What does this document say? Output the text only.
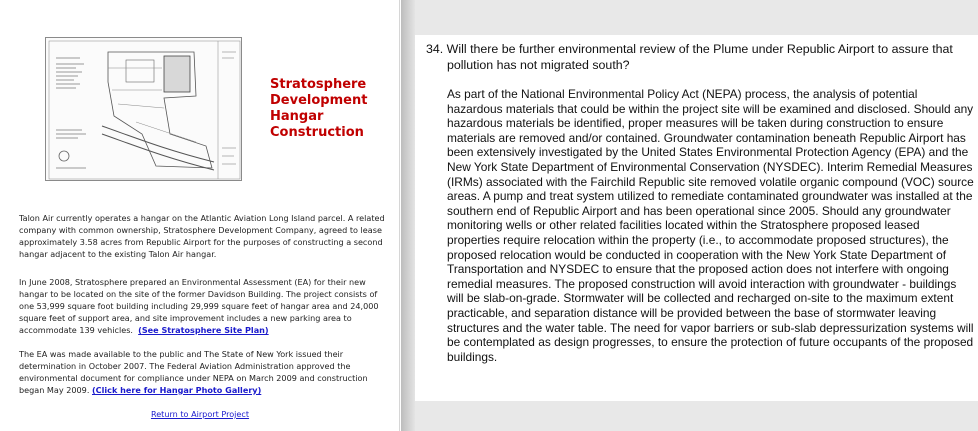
Stratosphere
Development
Hangar
Construction

Talon Air currently operates a hangar on the Atlantic Aviation Long Island parcel. A related company with common ownership, Stratosphere Development Company, agreed to lease approximately 3.58 acres from Republic Airport for the purposes of constructing a second hangar adjacent to the existing Talon Air hangar.

In June 2008, Stratosphere prepared an Environmental Assessment (EA) for their new hangar to be located on the site of the former Davidson Building. The project consists of one 53,999 square foot building including 29,999 square feet of hangar area and 24,000 square feet of support area, and site improvement includes a new parking area to accommodate 139 vehicles. (See Stratosphere Site Plan)

The EA was made available to the public and The State of New York issued their determination in October 2007. The Federal Aviation Administration approved the environmental document for compliance under NEPA on March 2009 and construction began May 2009. (Click here for Hangar Photo Gallery)

Return to Airport Project

34. Will there be further environmental review of the Plume under Republic Airport to assure that pollution has not migrated south?

As part of the National Environmental Policy Act (NEPA) process, the analysis of potential hazardous materials that could be within the project site will be examined and disclosed. Should any hazardous materials be identified, proper measures will be taken during construction to ensure materials are removed and/or contained. Groundwater contamination beneath Republic Airport has been extensively investigated by the United States Environmental Protection Agency (EPA) and the New York State Department of Environmental Conservation (NYSDEC). Interim Remedial Measures (IRMs) associated with the Fairchild Republic site removed volatile organic compound (VOC) source areas. A pump and treat system utilized to remediate contaminated groundwater was installed at the southern end of Republic Airport and has been operational since 2005. Should any groundwater monitoring wells or other related facilities located within the Stratosphere proposed leased properties require relocation within the property (i.e., to accommodate proposed structures), the proposed relocation would be conducted in cooperation with the New York State Department of Transportation and NYSDEC to ensure that the proposed action does not interfere with ongoing remedial measures. The proposed construction will avoid interaction with groundwater - buildings will be slab-on-grade. Stormwater will be collected and recharged on-site to the maximum extent practicable, and separation distance will be provided between the base of stormwater leaving structures and the water table. The need for vapor barriers or sub-slab depressurization systems will be contemplated as design progresses, to ensure the protection of future occupants of the proposed buildings.
